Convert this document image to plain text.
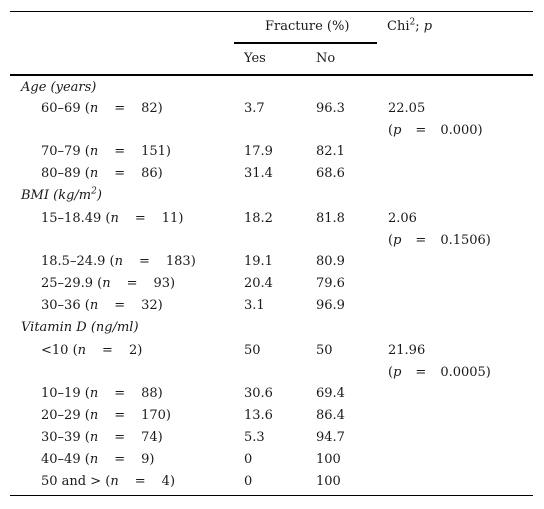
Fracture (%)	Chi$^2$; p
Yes	No
Age (years)
60–69 (n = 82)	3.7	96.3	22.05
(p = 0.000)
70–79 (n = 151)	17.9	82.1
80–89 (n = 86)	31.4	68.6
BMI $(kg/m^2)$
15–18.49 (n = 11)	18.2	81.8	2.06
(p = 0.1506)
18.5–24.9 (n = 183)	19.1	80.9
25–29.9 (n = 93)	20.4	79.6
30–36 (n = 32)	3.1	96.9
Vitamin D (ng/ml)
<10 (n = 2)	50	50	21.96
(p = 0.0005)
10–19 (n = 88)	30.6	69.4
20–29 (n = 170)	13.6	86.4
30–39 (n = 74)	5.3	94.7
40–49 (n = 9)	0	100
50 and > (n = 4)	0	100
